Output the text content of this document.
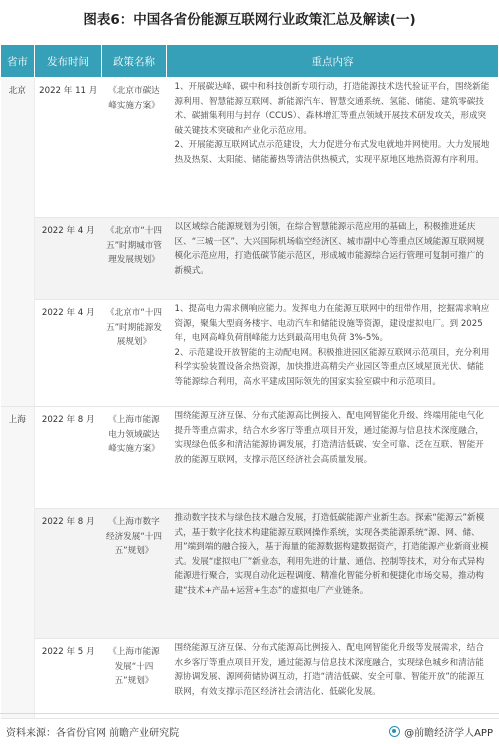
图表6：中国各省份能源互联网行业政策汇总及解读(一)
省市	发布时间	政策名称	重点内容
北京	2022 年 11 月	《北京市碳达峰实施方案》	1、开展碳达峰、碳中和科技创新专项行动，打造能源技术迭代验证平台，围绕新能源利用、智慧能源互联网、新能源汽车、智慧交通系统、氢能、储能、建筑零碳技术、碳捕集利用与封存（CCUS）、森林增汇等重点领域开展技术研发攻关，形成突破关键技术突破和产业化示范应用。
2、开展能源互联网试点示范建设，大力促进分布式发电就地并网使用。大力发展地热及热泵、太阳能、储能蓄热等清洁供热模式，实现平原地区地热资源有序利用。
	2022 年 4 月	《北京市“十四五”时期城市管理发展规划》	以区域综合能源规划为引领，在综合智慧能源示范应用的基础上，积极推进延庆区、“三城一区”、大兴国际机场临空经济区、城市副中心等重点区域能源互联网规模化示范应用，打造低碳节能示范区，形成城市能源综合运行管理可复制可推广的新模式。
	2022 年 4 月	《北京市“十四五”时期能源发展规划》	1、提高电力需求侧响应能力。发挥电力在能源互联网中的纽带作用，挖掘需求响应资源，聚集大型商务楼宇、电动汽车和储能设施等资源，建设虚拟电厂。到 2025 年，电网高峰负荷削峰能力达到最高用电负荷 3%-5%。
2、示范建设开放智能的主动配电网。积极推进园区能源互联网示范项目，充分利用科学实验装置设备余热资源，加快推进高精尖产业园区等重点区域屋顶光伏、储能等能源综合利用，高水平建成国际领先的国家实验室碳中和示范项目。
上海	2022 年 8 月	《上海市能源电力领域碳达峰实施方案》	围绕能源互济互保、分布式能源高比例接入、配电网智能化升级、终端用能电气化提升等重点需求，结合水乡客厅等重点项目开发，通过能源与信息技术深度融合，实现绿色低多和清洁能源协调发展，打造清洁低碳、安全可靠、泛在互联、智能开放的能源互联网，支撑示范区经济社会高质量发展。
	2022 年 8 月	《上海市数字经济发展“十四五”规划》	推动数字技术与绿色技术融合发展，打造低碳能源产业新生态。探索“能源云”新模式，基于数字化技术构建能源互联网操作系统，实现各类能源系统“源、网、储、用”端到端的融合接入，基于海量的能源数据构建数据资产，打造能源产业新商业模式。发展“虚拟电厂”新业态，利用先进的计量、通信、控制等技术，对分布式异构能源进行聚合，实现自动化远程调度、精准化智能分析和便捷化市场交易，推动构建“技术+产品+运营+生态”的虚拟电厂产业链条。
	2022 年 5 月	《上海市能源发展“十四五”规划》	围绕能源互济互保、分布式能源高比例接入、配电网智能化升级等发展需求，结合水乡客厅等重点项目开发，通过能源与信息技术深度融合，实现绿色城乡和清洁能源协调发展、源网荷储协调互动，打造“清洁低碳、安全可靠、智能开放”的能源互联网，有效支撑示范区经济社会清洁化、低碳化发展。
资料来源：各省份官网 前瞻产业研究院	@前瞻经济学人APP
